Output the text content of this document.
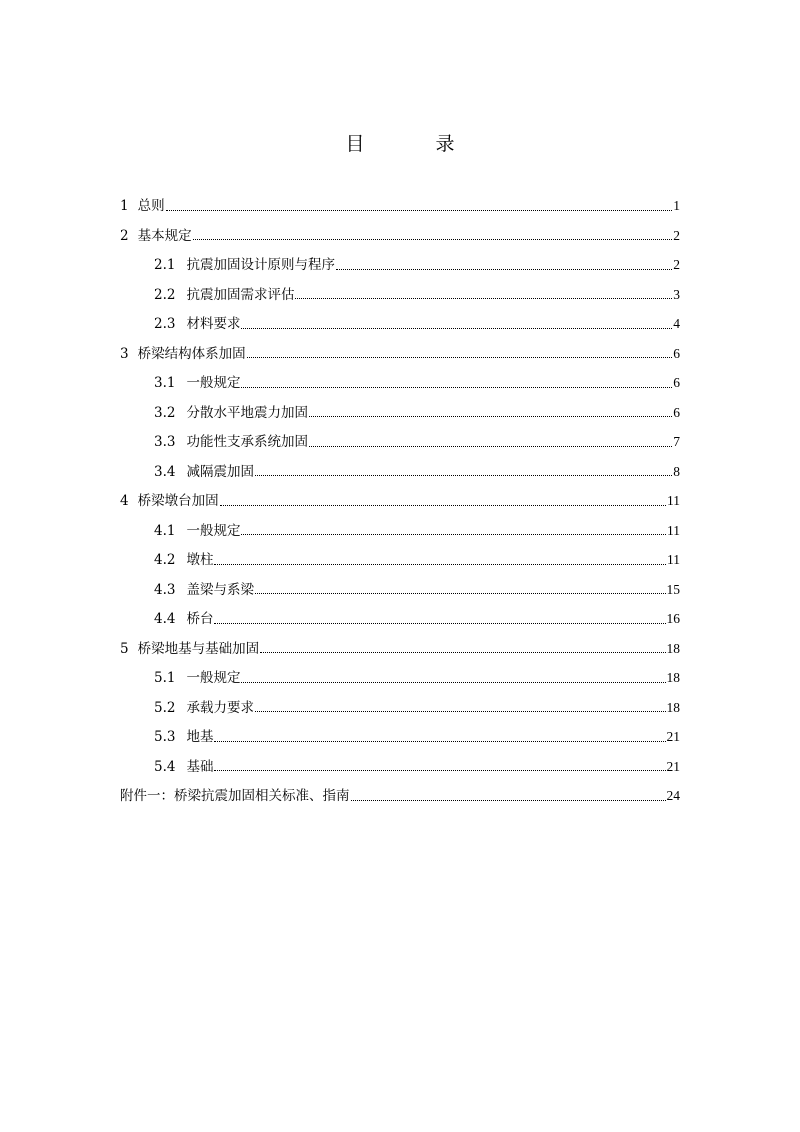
目　录
1 总则	1
2 基本规定	2
2.1 抗震加固设计原则与程序	2
2.2 抗震加固需求评估	3
2.3 材料要求	4
3 桥梁结构体系加固	6
3.1 一般规定	6
3.2 分散水平地震力加固	6
3.3 功能性支承系统加固	7
3.4 减隔震加固	8
4 桥梁墩台加固	11
4.1 一般规定	11
4.2 墩柱	11
4.3 盖梁与系梁	15
4.4 桥台	16
5 桥梁地基与基础加固	18
5.1 一般规定	18
5.2 承载力要求	18
5.3 地基	21
5.4 基础	21
附件一：桥梁抗震加固相关标准、指南	24
